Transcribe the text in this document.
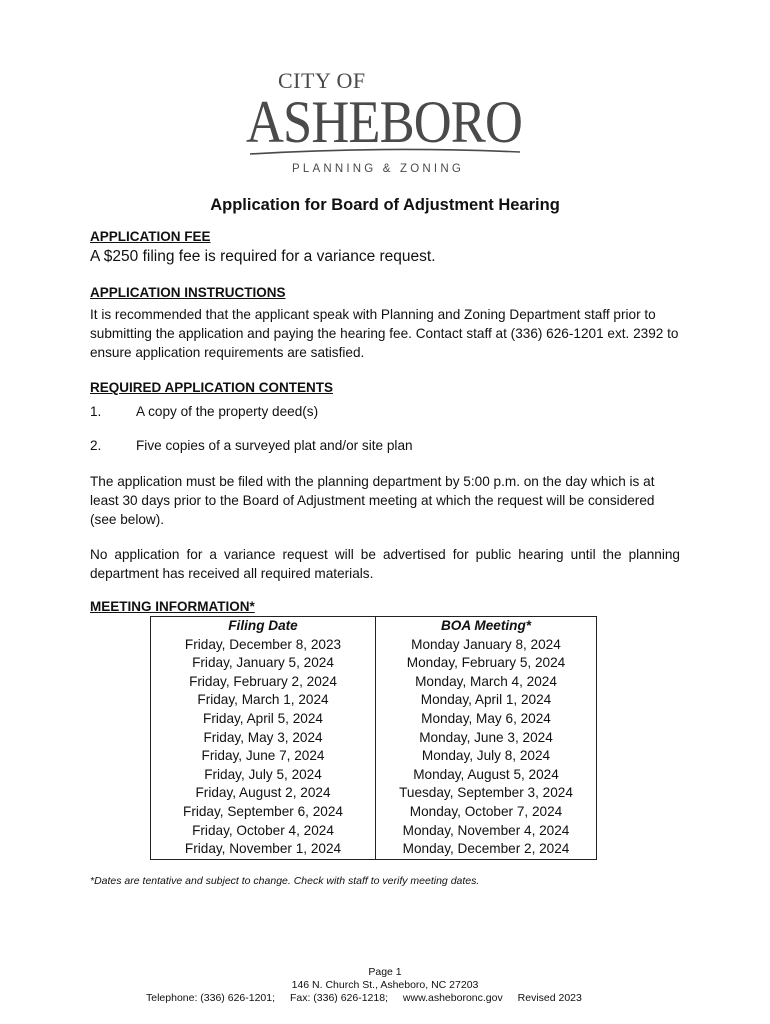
CITY OF
ASHEBORO
PLANNING & ZONING
Application for Board of Adjustment Hearing
APPLICATION FEE
A $250 filing fee is required for a variance request.
APPLICATION INSTRUCTIONS
It is recommended that the applicant speak with Planning and Zoning Department staff prior to submitting the application and paying the hearing fee. Contact staff at (336) 626-1201 ext. 2392 to ensure application requirements are satisfied.
REQUIRED APPLICATION CONTENTS
1.	A copy of the property deed(s)
2.	Five copies of a surveyed plat and/or site plan
The application must be filed with the planning department by 5:00 p.m. on the day which is at least 30 days prior to the Board of Adjustment meeting at which the request will be considered (see below).
No application for a variance request will be advertised for public hearing until the planning department has received all required materials.
MEETING INFORMATION*
Filing Date	BOA Meeting*
Friday, December 8, 2023	Monday January 8, 2024
Friday, January 5, 2024	Monday, February 5, 2024
Friday, February 2, 2024	Monday, March 4, 2024
Friday, March 1, 2024	Monday, April 1, 2024
Friday, April 5, 2024	Monday, May 6, 2024
Friday, May 3, 2024	Monday, June 3, 2024
Friday, June 7, 2024	Monday, July 8, 2024
Friday, July 5, 2024	Monday, August 5, 2024
Friday, August 2, 2024	Tuesday, September 3, 2024
Friday, September 6, 2024	Monday, October 7, 2024
Friday, October 4, 2024	Monday, November 4, 2024
Friday, November 1, 2024	Monday, December 2, 2024
*Dates are tentative and subject to change. Check with staff to verify meeting dates.
Page 1
146 N. Church St., Asheboro, NC 27203
Telephone: (336) 626-1201; Fax: (336) 626-1218; www.asheboronc.gov Revised 2023
